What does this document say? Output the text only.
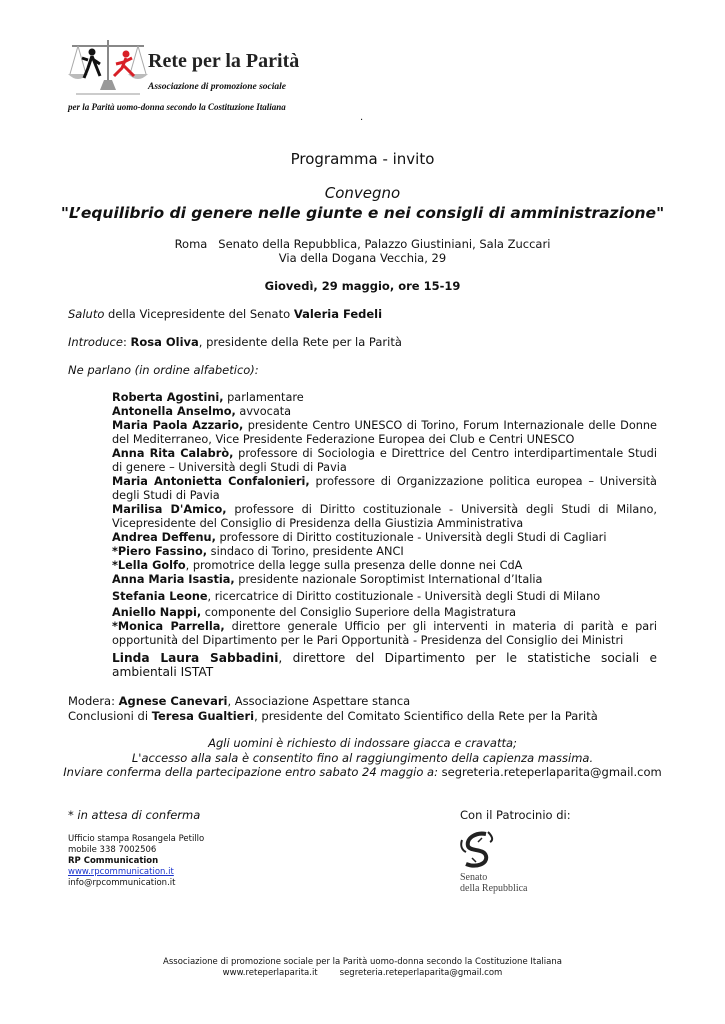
Rete per la Parità
Associazione di promozione sociale
per la Parità uomo-donna secondo la Costituzione Italiana
.
Programma - invito
Convegno
"L’equilibrio di genere nelle giunte e nei consigli di amministrazione"
Roma   Senato della Repubblica, Palazzo Giustiniani, Sala Zuccari
Via della Dogana Vecchia, 29
Giovedì, 29 maggio, ore 15-19
Saluto della Vicepresidente del Senato Valeria Fedeli
Introduce: Rosa Oliva, presidente della Rete per la Parità
Ne parlano (in ordine alfabetico):
Roberta Agostini, parlamentare
Antonella Anselmo, avvocata
Maria Paola Azzario, presidente Centro UNESCO di Torino, Forum Internazionale delle Donne del Mediterraneo, Vice Presidente Federazione Europea dei Club e Centri UNESCO
Anna Rita Calabrò, professore di Sociologia e Direttrice del Centro interdipartimentale Studi di genere – Università degli Studi di Pavia
Maria Antonietta Confalonieri, professore di Organizzazione politica europea – Università degli Studi di Pavia
Marilisa D'Amico, professore di Diritto costituzionale - Università degli Studi di Milano, Vicepresidente del Consiglio di Presidenza della Giustizia Amministrativa
Andrea Deffenu, professore di Diritto costituzionale - Università degli Studi di Cagliari
*Piero Fassino, sindaco di Torino, presidente ANCI
*Lella Golfo, promotrice della legge sulla presenza delle donne nei CdA
Anna Maria Isastia, presidente nazionale Soroptimist International d’Italia
Stefania Leone, ricercatrice di Diritto costituzionale - Università degli Studi di Milano
Aniello Nappi, componente del Consiglio Superiore della Magistratura
*Monica Parrella, direttore generale Ufficio per gli interventi in materia di parità e pari opportunità del Dipartimento per le Pari Opportunità - Presidenza del Consiglio dei Ministri
Linda Laura Sabbadini, direttore del Dipartimento per le statistiche sociali e ambientali ISTAT
Modera: Agnese Canevari, Associazione Aspettare stanca
Conclusioni di Teresa Gualtieri, presidente del Comitato Scientifico della Rete per la Parità
Agli uomini è richiesto di indossare giacca e cravatta;
L'accesso alla sala è consentito fino al raggiungimento della capienza massima.
Inviare conferma della partecipazione entro sabato 24 maggio a: segreteria.reteperlaparita@gmail.com
* in attesa di conferma	Con il Patrocinio di:
Ufficio stampa Rosangela Petillo
mobile 338 7002506
RP Communication
www.rpcommunication.it
info@rpcommunication.it	Senato
della Repubblica
Associazione di promozione sociale per la Parità uomo-donna secondo la Costituzione Italiana
www.reteperlaparita.it	segreteria.reteperlaparita@gmail.com
